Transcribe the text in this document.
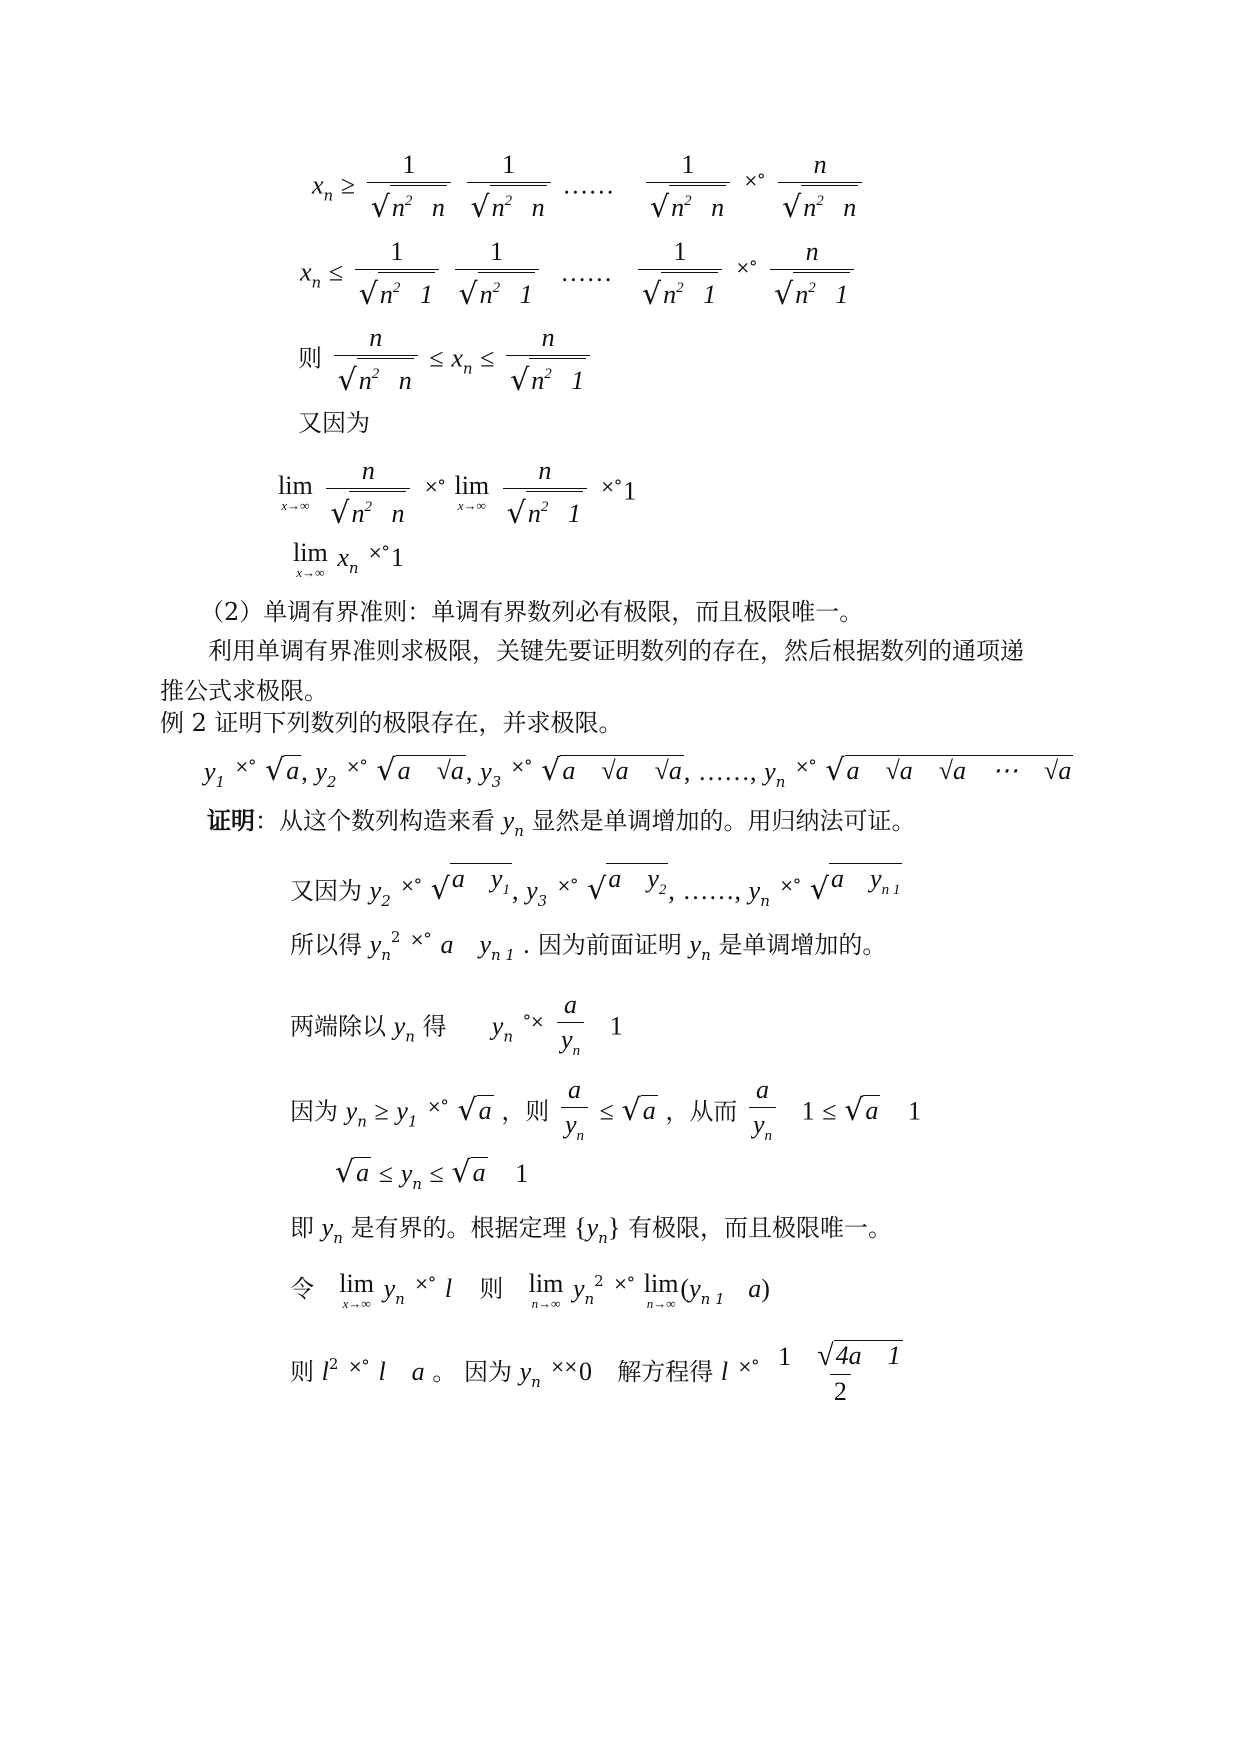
$x_n \ge \frac{1}{√ n^2 n}$
$\frac{1}{√ n^2 n}$ …… $\frac{1}{√ n^2 n} ^{\times^\circ} \frac{n}{√ n^2 n}$
$x_n \le \frac{1}{√ n^2 1}$
$\frac{1}{√ n^2 1}$ …… $\frac{1}{√ n^2 1} ^{\times^\circ} \frac{n}{√ n^2 1}$
则 $\frac{n}{√ n^2 n} \le x_n \le \frac{n}{√ n^2 1}$
又因为
lim
x→∞
$\frac{n}{√ n^2 n} ^{\times^\circ}$ lim
x→∞
$\frac{n}{√ n^2 1} ^{\times^\circ}1$
lim
x→∞ $x_n$ ×°1
（2）单调有界准则：单调有界数列必有极限，而且极限唯一。
利用单调有界准则求极限，关键先要证明数列的存在，然后根据数列的通项递
推公式求极限。
例 2 证明下列数列的极限存在，并求极限。
$y_1$ ×° √ a , $y_2$ ×° √ a    √a , $y_3$ ×° √ a    √a    √a , ……, $y_n$ ×° √ a    √a    √a    ⋯    √a
证明：从这个数列构造来看 $y_n$ 显然是单调增加的。用归纳法可证。
又因为 $y_2$ ×° √ a    $y_1$ , $y_3$ ×° √ a    $y_2$ , ……, $y_n$ ×° √ a    $y_{n 1}$
所以得 $y_n^2$ ×° a    $y_{n 1}$ . 因为前面证明 $y_n$ 是单调增加的。
两端除以 $y_n$ 得 $y_n$ $^{^\circ\times} \frac{a}{y_n} 1$
因为 $y_n \ge y_1$ ×° √ a ，则 $\frac{a}{y_n}$ ≤ √ a ，从而 $\frac{a}{y_n} 1$ ≤ √ a 1
√ $a \le y_n$ ≤ √ a 1
即 $y_n$ 是有界的。根据定理 $\{y_n\}$ 有极限，而且极限唯一。
令 lim
x→∞ $y_n$ ×° l 则 lim
n→∞ $y_n^2$ ×° lim
n→∞ ($y_{n 1}$ a)
则 $l^2$ ×° l    a 。 因为 $y_n$ ××0 解方程得 l $^{\times^\circ} \frac{1 √ 4a 1}{2}$
